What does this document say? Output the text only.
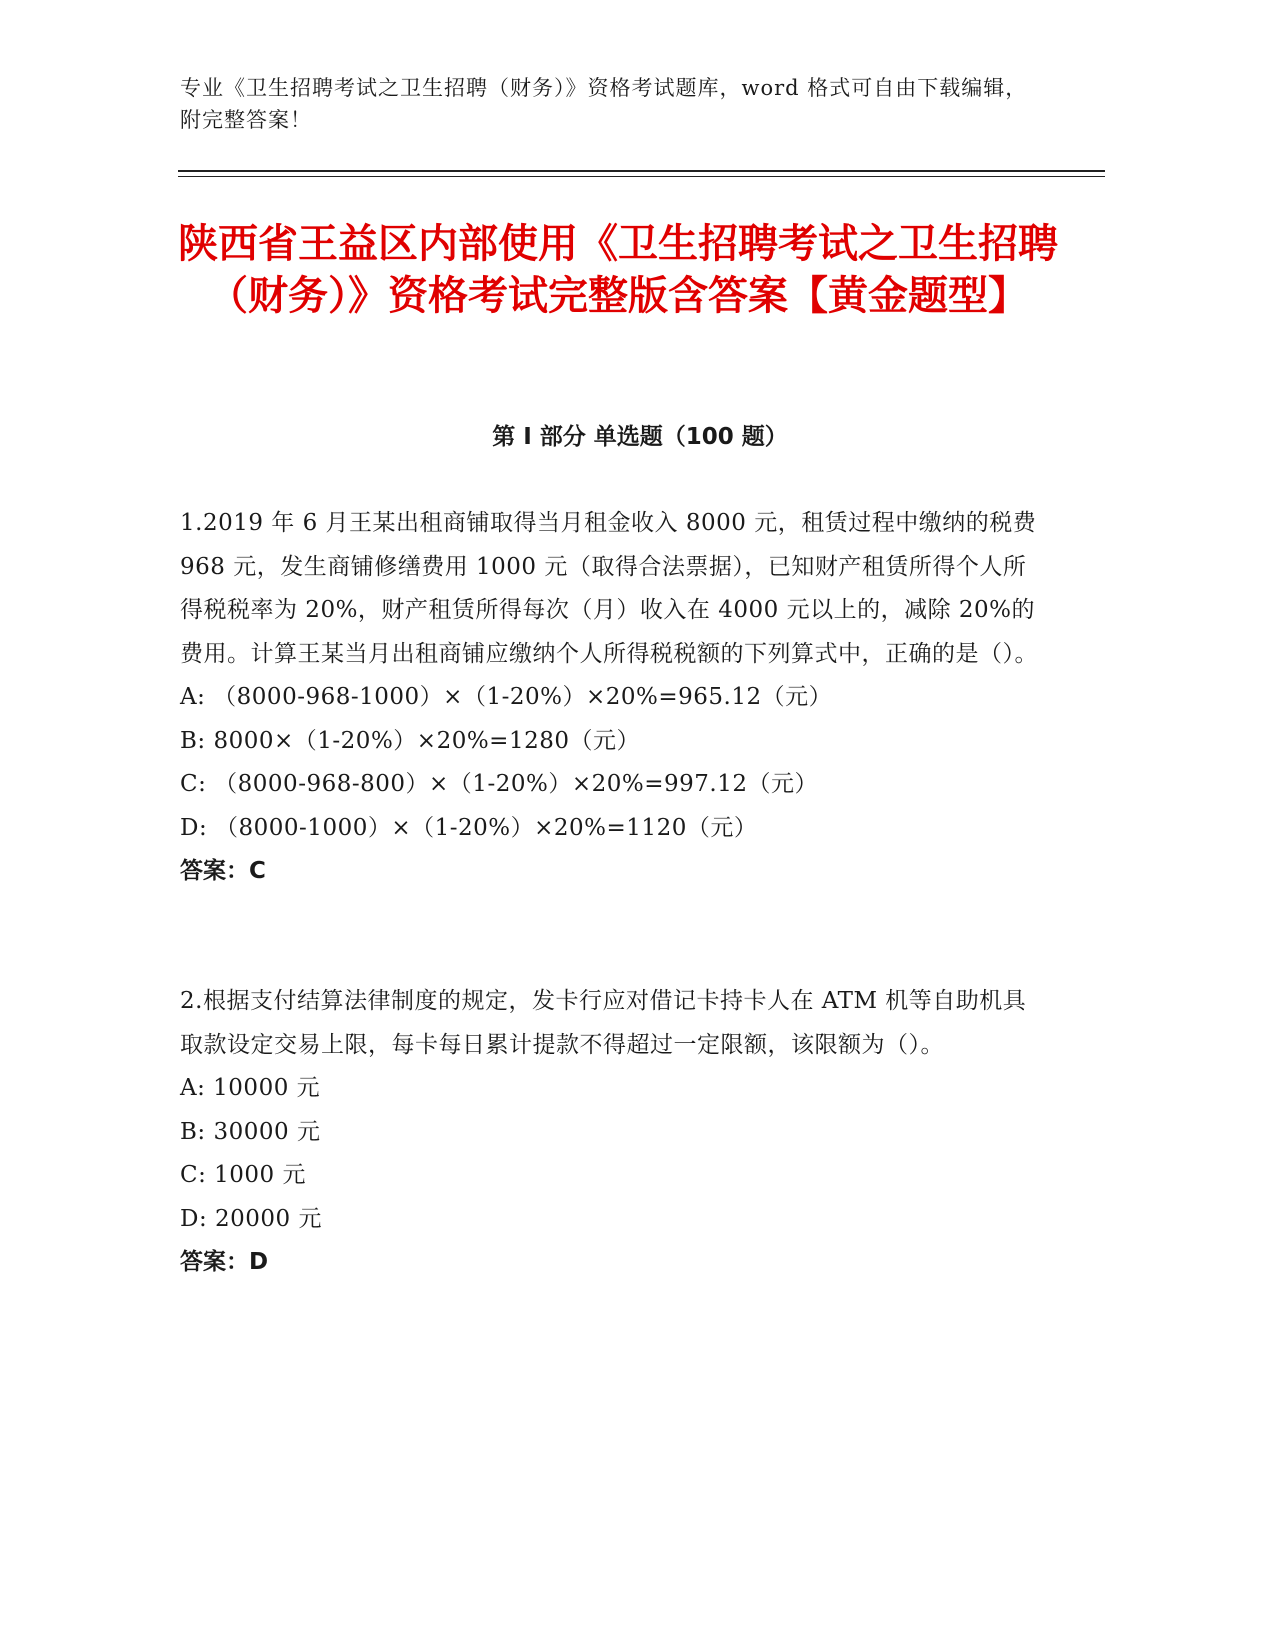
专业《卫生招聘考试之卫生招聘（财务）》资格考试题库，word 格式可自由下载编辑，附完整答案！
陕西省王益区内部使用《卫生招聘考试之卫生招聘（财务）》资格考试完整版含答案【黄金题型】
第 I 部分 单选题（100 题）
1.2019 年 6 月王某出租商铺取得当月租金收入 8000 元，租赁过程中缴纳的税费 968 元，发生商铺修缮费用 1000 元（取得合法票据），已知财产租赁所得个人所得税税率为 20%，财产租赁所得每次（月）收入在 4000 元以上的，减除 20%的费用。计算王某当月出租商铺应缴纳个人所得税税额的下列算式中，正确的是（）。
A: （8000-968-1000）×（1-20%）×20%=965.12（元）
B: 8000×（1-20%）×20%=1280（元）
C: （8000-968-800）×（1-20%）×20%=997.12（元）
D: （8000-1000）×（1-20%）×20%=1120（元）
答案：C
2.根据支付结算法律制度的规定，发卡行应对借记卡持卡人在 ATM 机等自助机具取款设定交易上限，每卡每日累计提款不得超过一定限额，该限额为（）。
A: 10000 元
B: 30000 元
C: 1000 元
D: 20000 元
答案：D
